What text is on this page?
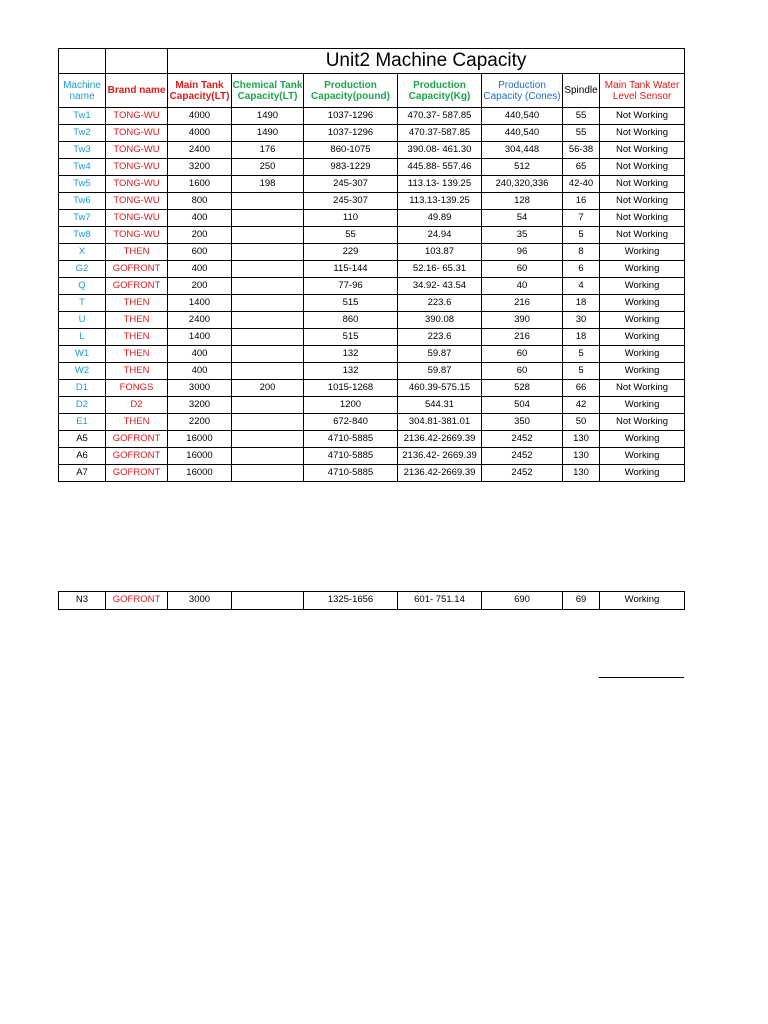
		Unit2 Machine Capacity						
Machine name	Brand name	Main Tank Capacity(LT)	Chemical Tank Capacity(LT)	Production Capacity(pound)	Production Capacity(Kg)	Production Capacity (Cones)	Spindle	Main Tank Water Level Sensor
Tw1	TONG-WU	4000	1490	1037-1296	470.37- 587.85	440,540	55	Not Working
Tw2	TONG-WU	4000	1490	1037-1296	470.37-587.85	440,540	55	Not Working
Tw3	TONG-WU	2400	176	860-1075	390.08- 461.30	304,448	56-38	Not Working
Tw4	TONG-WU	3200	250	983-1229	445.88- 557.46	512	65	Not Working
Tw5	TONG-WU	1600	198	245-307	113.13- 139.25	240,320,336	42-40	Not Working
Tw6	TONG-WU	800		245-307	113.13-139.25	128	16	Not Working
Tw7	TONG-WU	400		110	49.89	54	7	Not Working
Tw8	TONG-WU	200		55	24.94	35	5	Not Working
X	THEN	600		229	103.87	96	8	Working
G2	GOFRONT	400		115-144	52.16- 65.31	60	6	Working
Q	GOFRONT	200		77-96	34.92- 43.54	40	4	Working
T	THEN	1400		515	223.6	216	18	Working
U	THEN	2400		860	390.08	390	30	Working
L	THEN	1400		515	223.6	216	18	Working
W1	THEN	400		132	59.87	60	5	Working
W2	THEN	400		132	59.87	60	5	Working
D1	FONGS	3000	200	1015-1268	460.39-575.15	528	66	Not Working
D2	D2	3200		1200	544.31	504	42	Working
E1	THEN	2200		672-840	304.81-381.01	350	50	Not Working
A5	GOFRONT	16000		4710-5885	2136.42-2669.39	2452	130	Working
A6	GOFRONT	16000		4710-5885	2136.42- 2669.39	2452	130	Working
A7	GOFRONT	16000		4710-5885	2136.42-2669.39	2452	130	Working
N3	GOFRONT	3000		1325-1656	601- 751.14	690	69	Working
